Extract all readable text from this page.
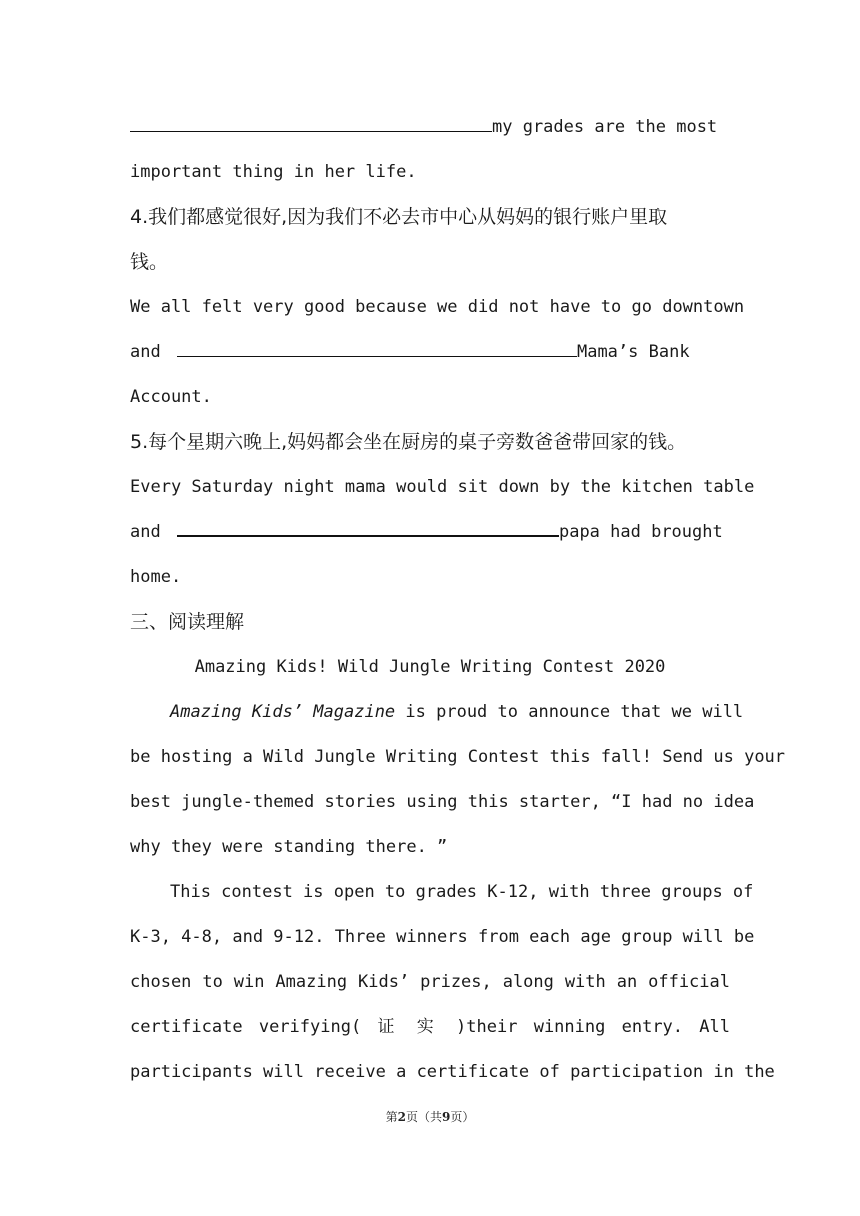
my grades are the most
important thing in her life.
4.我们都感觉很好,因为我们不必去市中心从妈妈的银行账户里取
钱。
We all felt very good because we did not have to go downtown
and	Mama’s Bank
Account.
5.每个星期六晚上,妈妈都会坐在厨房的桌子旁数爸爸带回家的钱。
Every Saturday night mama would sit down by the kitchen table
and	papa had brought
home.
三、阅读理解
Amazing Kids! Wild Jungle Writing Contest 2020
Amazing Kids’ Magazine is proud to announce that we will
be hosting a Wild Jungle Writing Contest this fall! Send us your
best jungle-themed stories using this starter, “I had no idea
why they were standing there. ”
This contest is open to grades K-12, with three groups of
K-3, 4-8, and 9-12. Three winners from each age group will be
chosen to win Amazing Kids’ prizes, along with an official
certificate verifying( 证 实 )their winning entry. All
participants will receive a certificate of participation in the
第2页（共9页）
